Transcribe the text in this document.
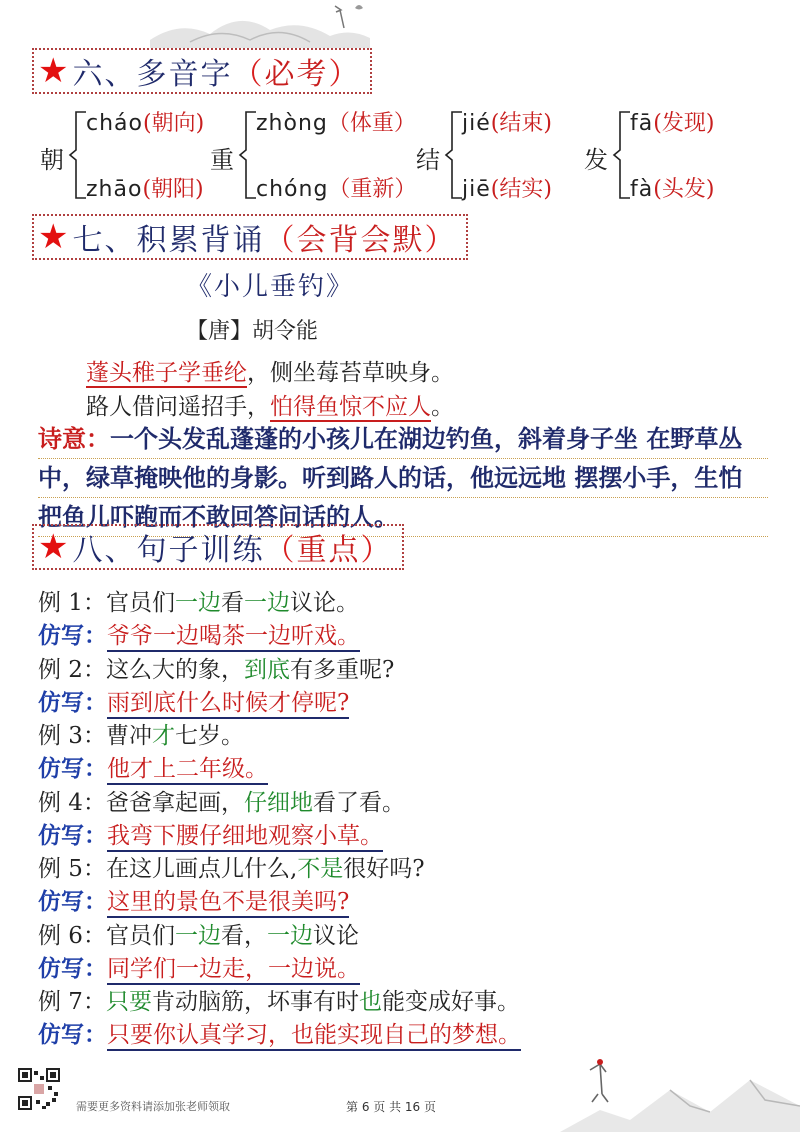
★ 六、多音字 （ 必考 ）
朝
cháo(朝向)
zhāo(朝阳)
重
zhòng（体重）
chóng（重新）
结
jié(结束)
jiē(结实)
发
fā(发现)
fà(头发)
★ 七、积累背诵 （ 会背会默 ）
《小儿垂钓》
【唐】胡令能
蓬头稚子学垂纶，侧坐莓苔草映身。
路人借问遥招手，怕得鱼惊不应人。
诗意：一个头发乱蓬蓬的小孩儿在湖边钓鱼，斜着身子坐 在野草丛
中，绿草掩映他的身影。听到路人的话，他远远地 摆摆小手，生怕
把鱼儿吓跑而不敢回答问话的人。
★ 八、句子训练 （ 重点 ）
例 1：官员们一边看一边议论。
仿写：爷爷一边喝茶一边听戏。
例 2：这么大的象，到底有多重呢?
仿写：雨到底什么时候才停呢?
例 3：曹冲才七岁。
仿写：他才上二年级。
例 4：爸爸拿起画，仔细地看了看。
仿写：我弯下腰仔细地观察小草。
例 5：在这儿画点儿什么,不是很好吗?
仿写：这里的景色不是很美吗?
例 6：官员们一边看，一边议论
仿写：同学们一边走，一边说。
例 7：只要肯动脑筋，坏事有时也能变成好事。
仿写：只要你认真学习，也能实现自己的梦想。
需要更多资料请添加张老师领取	第 6 页 共 16 页
